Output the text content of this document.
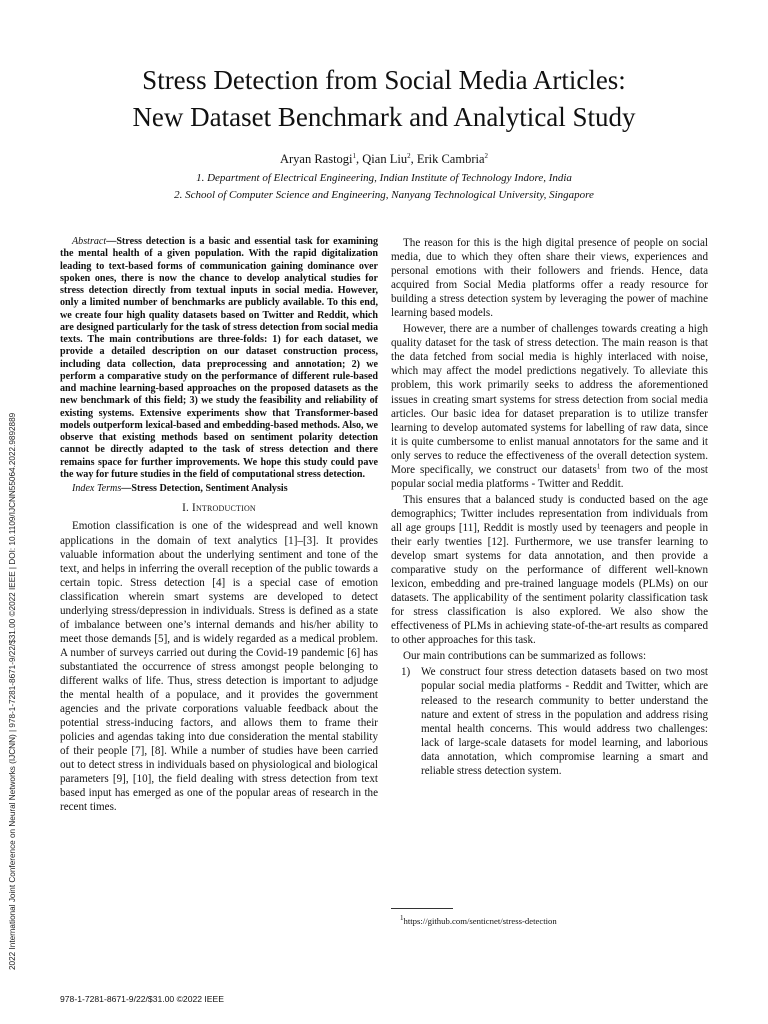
2022 International Joint Conference on Neural Networks (IJCNN) | 978-1-7281-8671-9/22/$31.00 ©2022 IEEE | DOI: 10.1109/IJCNN55064.2022.9892889
Stress Detection from Social Media Articles:
New Dataset Benchmark and Analytical Study
Aryan Rastogi$^1$, Qian Liu$^2$, Erik Cambria$^2$
1. Department of Electrical Engineering, Indian Institute of Technology Indore, India
2. School of Computer Science and Engineering, Nanyang Technological University, Singapore

Abstract—Stress detection is a basic and essential task for examining the mental health of a given population. With the rapid digitalization leading to text-based forms of communication gaining dominance over spoken ones, there is now the chance to develop analytical studies for stress detection directly from textual inputs in social media. However, only a limited number of benchmarks are publicly available. To this end, we create four high quality datasets based on Twitter and Reddit, which are designed particularly for the task of stress detection from social media texts. The main contributions are three-folds: 1) for each dataset, we provide a detailed description on our dataset construction process, including data collection, data preprocessing and annotation; 2) we perform a comparative study on the performance of different rule-based and machine learning-based approaches on the proposed datasets as the new benchmark of this field; 3) we study the feasibility and reliability of existing systems. Extensive experiments show that Transformer-based models outperform lexical-based and embedding-based methods. Also, we observe that existing methods based on sentiment polarity detection cannot be directly adapted to the task of stress detection and there remains space for further improvements. We hope this study could pave the way for future studies in the field of computational stress detection.

Index Terms—Stress Detection, Sentiment Analysis

I. Introduction

Emotion classification is one of the widespread and well known applications in the domain of text analytics [1]–[3]. It provides valuable information about the underlying sentiment and tone of the text, and helps in inferring the overall reception of the public towards a certain topic. Stress detection [4] is a special case of emotion classification wherein smart systems are developed to detect underlying stress/depression in individuals. Stress is defined as a state of imbalance between one’s internal demands and his/her ability to meet those demands [5], and is widely regarded as a medical problem. A number of surveys carried out during the Covid-19 pandemic [6] has substantiated the occurrence of stress amongst people belonging to different walks of life. Thus, stress detection is important to adjudge the mental health of a populace, and it provides the government agencies and the private corporations valuable feedback about the potential stress-inducing factors, and allows them to frame their policies and agendas taking into due consideration the mental stability of their people [7], [8]. While a number of studies have been carried out to detect stress in individuals based on physiological and biological parameters [9], [10], the field dealing with stress detection from text based input has emerged as one of the popular areas of research in the recent times.

The reason for this is the high digital presence of people on social media, due to which they often share their views, experiences and personal emotions with their followers and friends. Hence, data acquired from Social Media platforms offer a ready resource for building a stress detection system by leveraging the power of machine learning based models.

However, there are a number of challenges towards creating a high quality dataset for the task of stress detection. The main reason is that the data fetched from social media is highly interlaced with noise, which may affect the model predictions negatively. To alleviate this problem, this work primarily seeks to address the aforementioned issues in creating smart systems for stress detection from social media articles. Our basic idea for dataset preparation is to utilize transfer learning to develop automated systems for labelling of raw data, since it is quite cumbersome to enlist manual annotators for the same and it only serves to reduce the effectiveness of the overall detection system. More specifically, we construct our datasets$^1$ from two of the most popular social media platforms - Twitter and Reddit.

This ensures that a balanced study is conducted based on the age demographics; Twitter includes representation from individuals from all age groups [11], Reddit is mostly used by teenagers and people in their early twenties [12]. Furthermore, we use transfer learning to develop smart systems for data annotation, and then provide a comparative study on the performance of different well-known lexicon, embedding and pre-trained language models (PLMs) on our datasets. The applicability of the sentiment polarity classification task for stress classification is also explored. We also show the effectiveness of PLMs in achieving state-of-the-art results as compared to other approaches for this task.

Our main contributions can be summarized as follows:

1) We construct four stress detection datasets based on two most popular social media platforms - Reddit and Twitter, which are released to the research community to better understand the nature and extent of stress in the population and address rising mental health concerns. This would address two challenges: lack of large-scale datasets for model learning, and laborious data annotation, which compromise learning a smart and reliable stress detection system.
$^1$https://github.com/senticnet/stress-detection
978-1-7281-8671-9/22/$31.00 ©2022 IEEE
